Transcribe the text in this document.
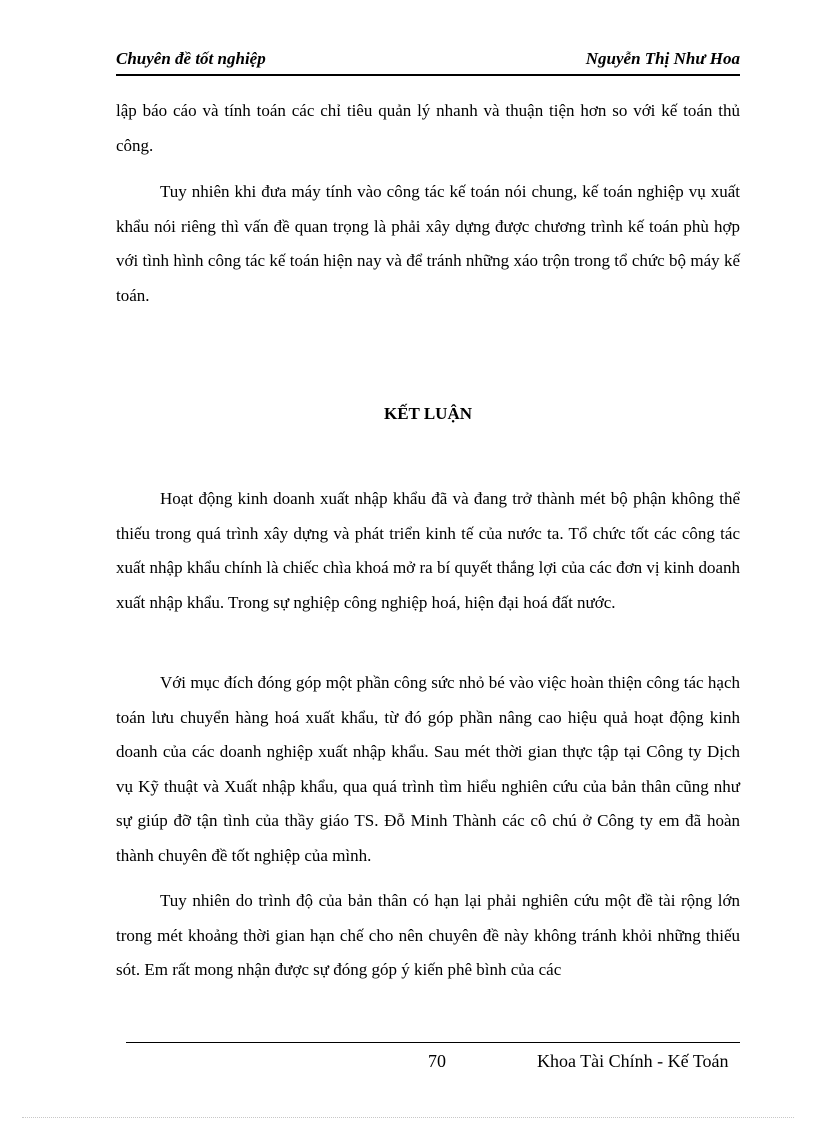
Chuyên đề tốt nghiệp	Nguyễn Thị Như Hoa

lập báo cáo và tính toán các chỉ tiêu quản lý nhanh và thuận tiện hơn so với kế toán thủ công.

Tuy nhiên khi đưa máy tính vào công tác kế toán nói chung, kế toán nghiệp vụ xuất khẩu nói riêng thì vấn đề quan trọng là phải xây dựng được chương trình kế toán phù hợp với tình hình công tác kế toán hiện nay và để tránh những xáo trộn trong tổ chức bộ máy kế toán.

KẾT LUẬN

Hoạt động kinh doanh xuất nhập khẩu đã và đang trở thành mét bộ phận không thể thiếu trong quá trình xây dựng và phát triển kinh tế của nước ta. Tổ chức tốt các công tác xuất nhập khẩu chính là chiếc chìa khoá mở ra bí quyết thắng lợi của các đơn vị kinh doanh xuất nhập khẩu. Trong sự nghiệp công nghiệp hoá, hiện đại hoá đất nước.

Với mục đích đóng góp một phần công sức nhỏ bé vào việc hoàn thiện công tác hạch toán lưu chuyển hàng hoá xuất khẩu, từ đó góp phần nâng cao hiệu quả hoạt động kinh doanh của các doanh nghiệp xuất nhập khẩu. Sau mét thời gian thực tập tại Công ty Dịch vụ Kỹ thuật và Xuất nhập khẩu, qua quá trình tìm hiểu nghiên cứu của bản thân cũng như sự giúp đỡ tận tình của thầy giáo TS. Đỗ Minh Thành các cô chú ở Công ty em đã hoàn thành chuyên đề tốt nghiệp của mình.

Tuy nhiên do trình độ của bản thân có hạn lại phải nghiên cứu một đề tài rộng lớn trong mét khoảng thời gian hạn chế cho nên chuyên đề này không tránh khỏi những thiếu sót. Em rất mong nhận được sự đóng góp ý kiến phê bình của các

70	Khoa Tài Chính - Kế Toán
